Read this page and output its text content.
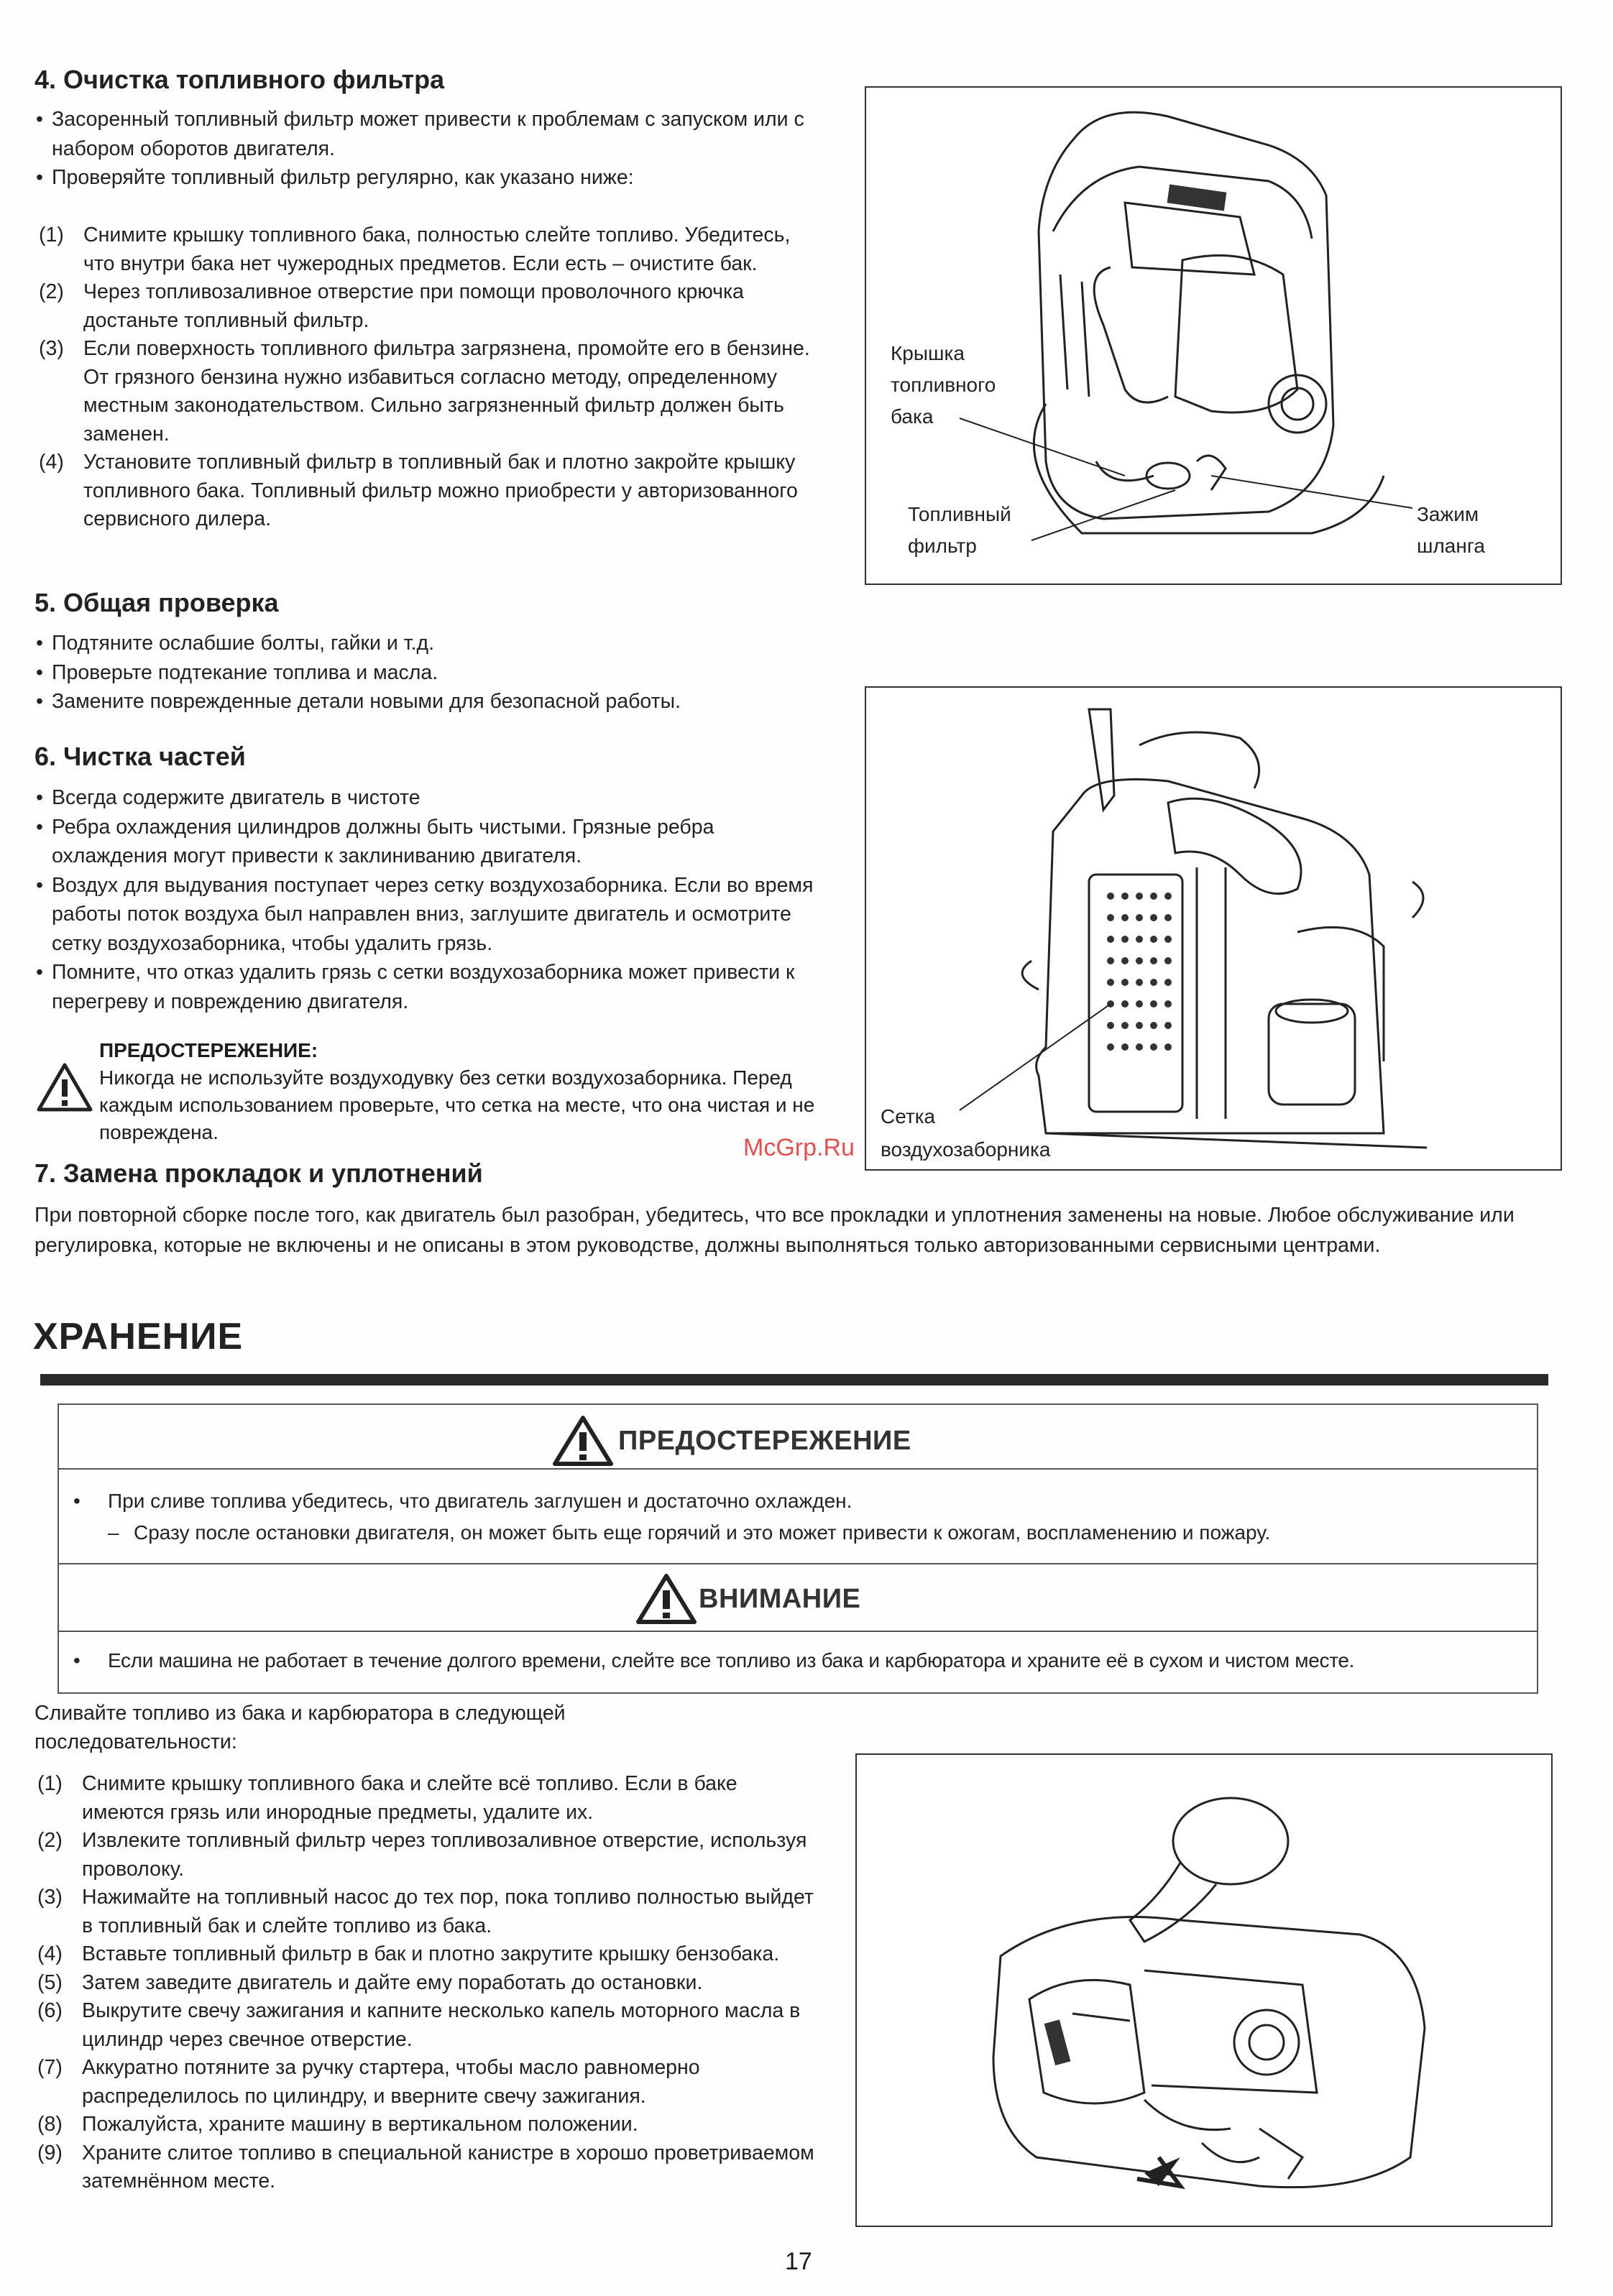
4. Очистка топливного фильтра
• Засоренный топливный фильтр может привести к проблемам с запуском или с набором оборотов двигателя.
• Проверяйте топливный фильтр регулярно, как указано ниже:
(1) Снимите крышку топливного бака, полностью слейте топливо. Убедитесь, что внутри бака нет чужеродных предметов. Если есть – очистите бак.
(2) Через топливозаливное отверстие при помощи проволочного крючка достаньте топливный фильтр.
(3) Если поверхность топливного фильтра загрязнена, промойте его в бензине. От грязного бензина нужно избавиться согласно методу, определенному местным законодательством. Сильно загрязненный фильтр должен быть заменен.
(4) Установите топливный фильтр в топливный бак и плотно закройте крышку топливного бака. Топливный фильтр можно приобрести у авторизованного сервисного дилера.
Крышка
топливного
бака
Топливный
фильтр
Зажим
шланга
5. Общая проверка
• Подтяните ослабшие болты, гайки и т.д.
• Проверьте подтекание топлива и масла.
• Замените поврежденные детали новыми для безопасной работы.
6. Чистка частей
• Всегда содержите двигатель в чистоте
• Ребра охлаждения цилиндров должны быть чистыми. Грязные ребра охлаждения могут привести к заклиниванию двигателя.
• Воздух для выдувания поступает через сетку воздухозаборника. Если во время работы поток воздуха был направлен вниз, заглушите двигатель и осмотрите сетку воздухозаборника, чтобы удалить грязь.
• Помните, что отказ удалить грязь с сетки воздухозаборника может привести к перегреву и повреждению двигателя.
ПРЕДОСТЕРЕЖЕНИЕ:
Никогда не используйте воздуходувку без сетки воздухозаборника. Перед каждым использованием проверьте, что сетка на месте, что она чистая и не повреждена.
Сетка
воздухозаборника
McGrp.Ru
7. Замена прокладок и уплотнений

При повторной сборке после того, как двигатель был разобран, убедитесь, что все прокладки и уплотнения заменены на новые. Любое обслуживание или регулировка, которые не включены и не описаны в этом руководстве, должны выполняться только авторизованными сервисными центрами.

ХРАНЕНИЕ
ПРЕДОСТЕРЕЖЕНИЕ
• При сливе топлива убедитесь, что двигатель заглушен и достаточно охлажден.
– Сразу после остановки двигателя, он может быть еще горячий и это может привести к ожогам, воспламенению и пожару.
ВНИМАНИЕ
• Если машина не работает в течение долгого времени, слейте все топливо из бака и карбюратора и храните её в сухом и чистом месте.

Сливайте топливо из бака и карбюратора в следующей последовательности:

(1) Снимите крышку топливного бака и слейте всё топливо. Если в баке имеются грязь или инородные предметы, удалите их.
(2) Извлеките топливный фильтр через топливозаливное отверстие, используя проволоку.
(3) Нажимайте на топливный насос до тех пор, пока топливо полностью выйдет в топливный бак и слейте топливо из бака.
(4) Вставьте топливный фильтр в бак и плотно закрутите крышку бензобака.
(5) Затем заведите двигатель и дайте ему поработать до остановки.
(6) Выкрутите свечу зажигания и капните несколько капель моторного масла в цилиндр через свечное отверстие.
(7) Аккуратно потяните за ручку стартера, чтобы масло равномерно распределилось по цилиндру, и вверните свечу зажигания.
(8) Пожалуйста, храните машину в вертикальном положении.
(9) Храните слитое топливо в специальной канистре в хорошо проветриваемом затемнённом месте.
17
